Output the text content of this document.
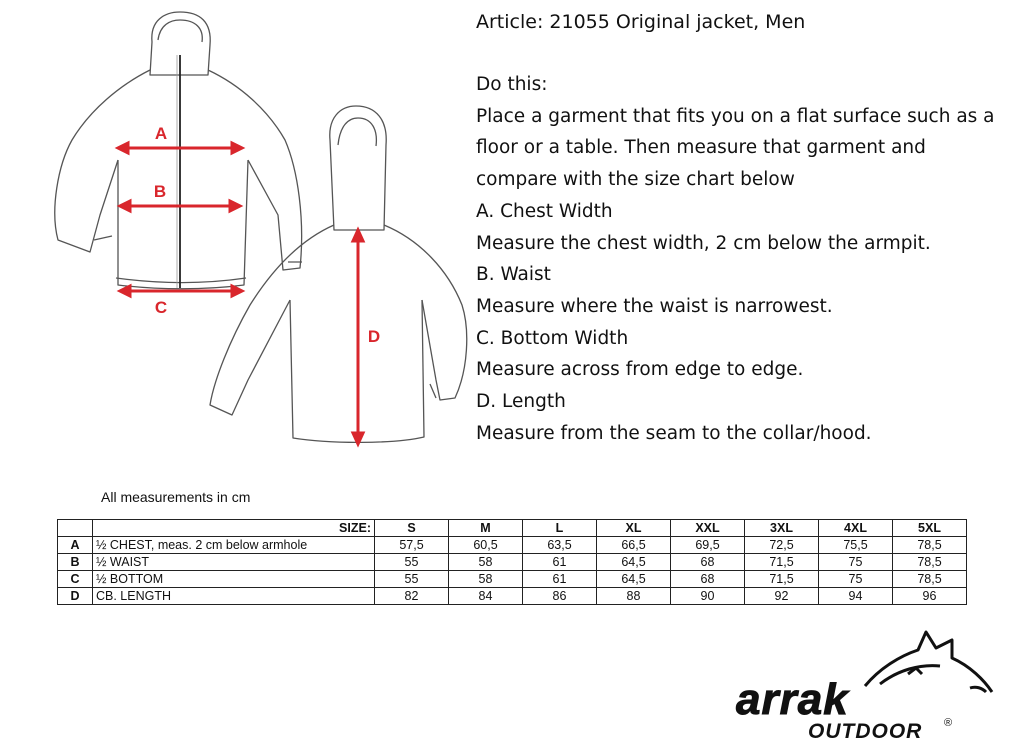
A
B
C
D
Article: 21055 Original jacket, Men
Do this:
Place a garment that fits you on a flat surface such as a
floor or a table. Then measure that garment and
compare with the size chart below
A. Chest Width
Measure the chest width, 2 cm below the armpit.
B. Waist
Measure where the waist is narrowest.
C. Bottom Width
Measure across from edge to edge.
D. Length
Measure from the seam to the collar/hood.
All measurements in cm
	SIZE:	S	M	L	XL	XXL	3XL	4XL	5XL
A	½ CHEST, meas. 2 cm below armhole	57,5	60,5	63,5	66,5	69,5	72,5	75,5	78,5
B	½ WAIST	55	58	61	64,5	68	71,5	75	78,5
C	½ BOTTOM	55	58	61	64,5	68	71,5	75	78,5
D	CB. LENGTH	82	84	86	88	90	92	94	96
arrak
OUTDOOR ®
